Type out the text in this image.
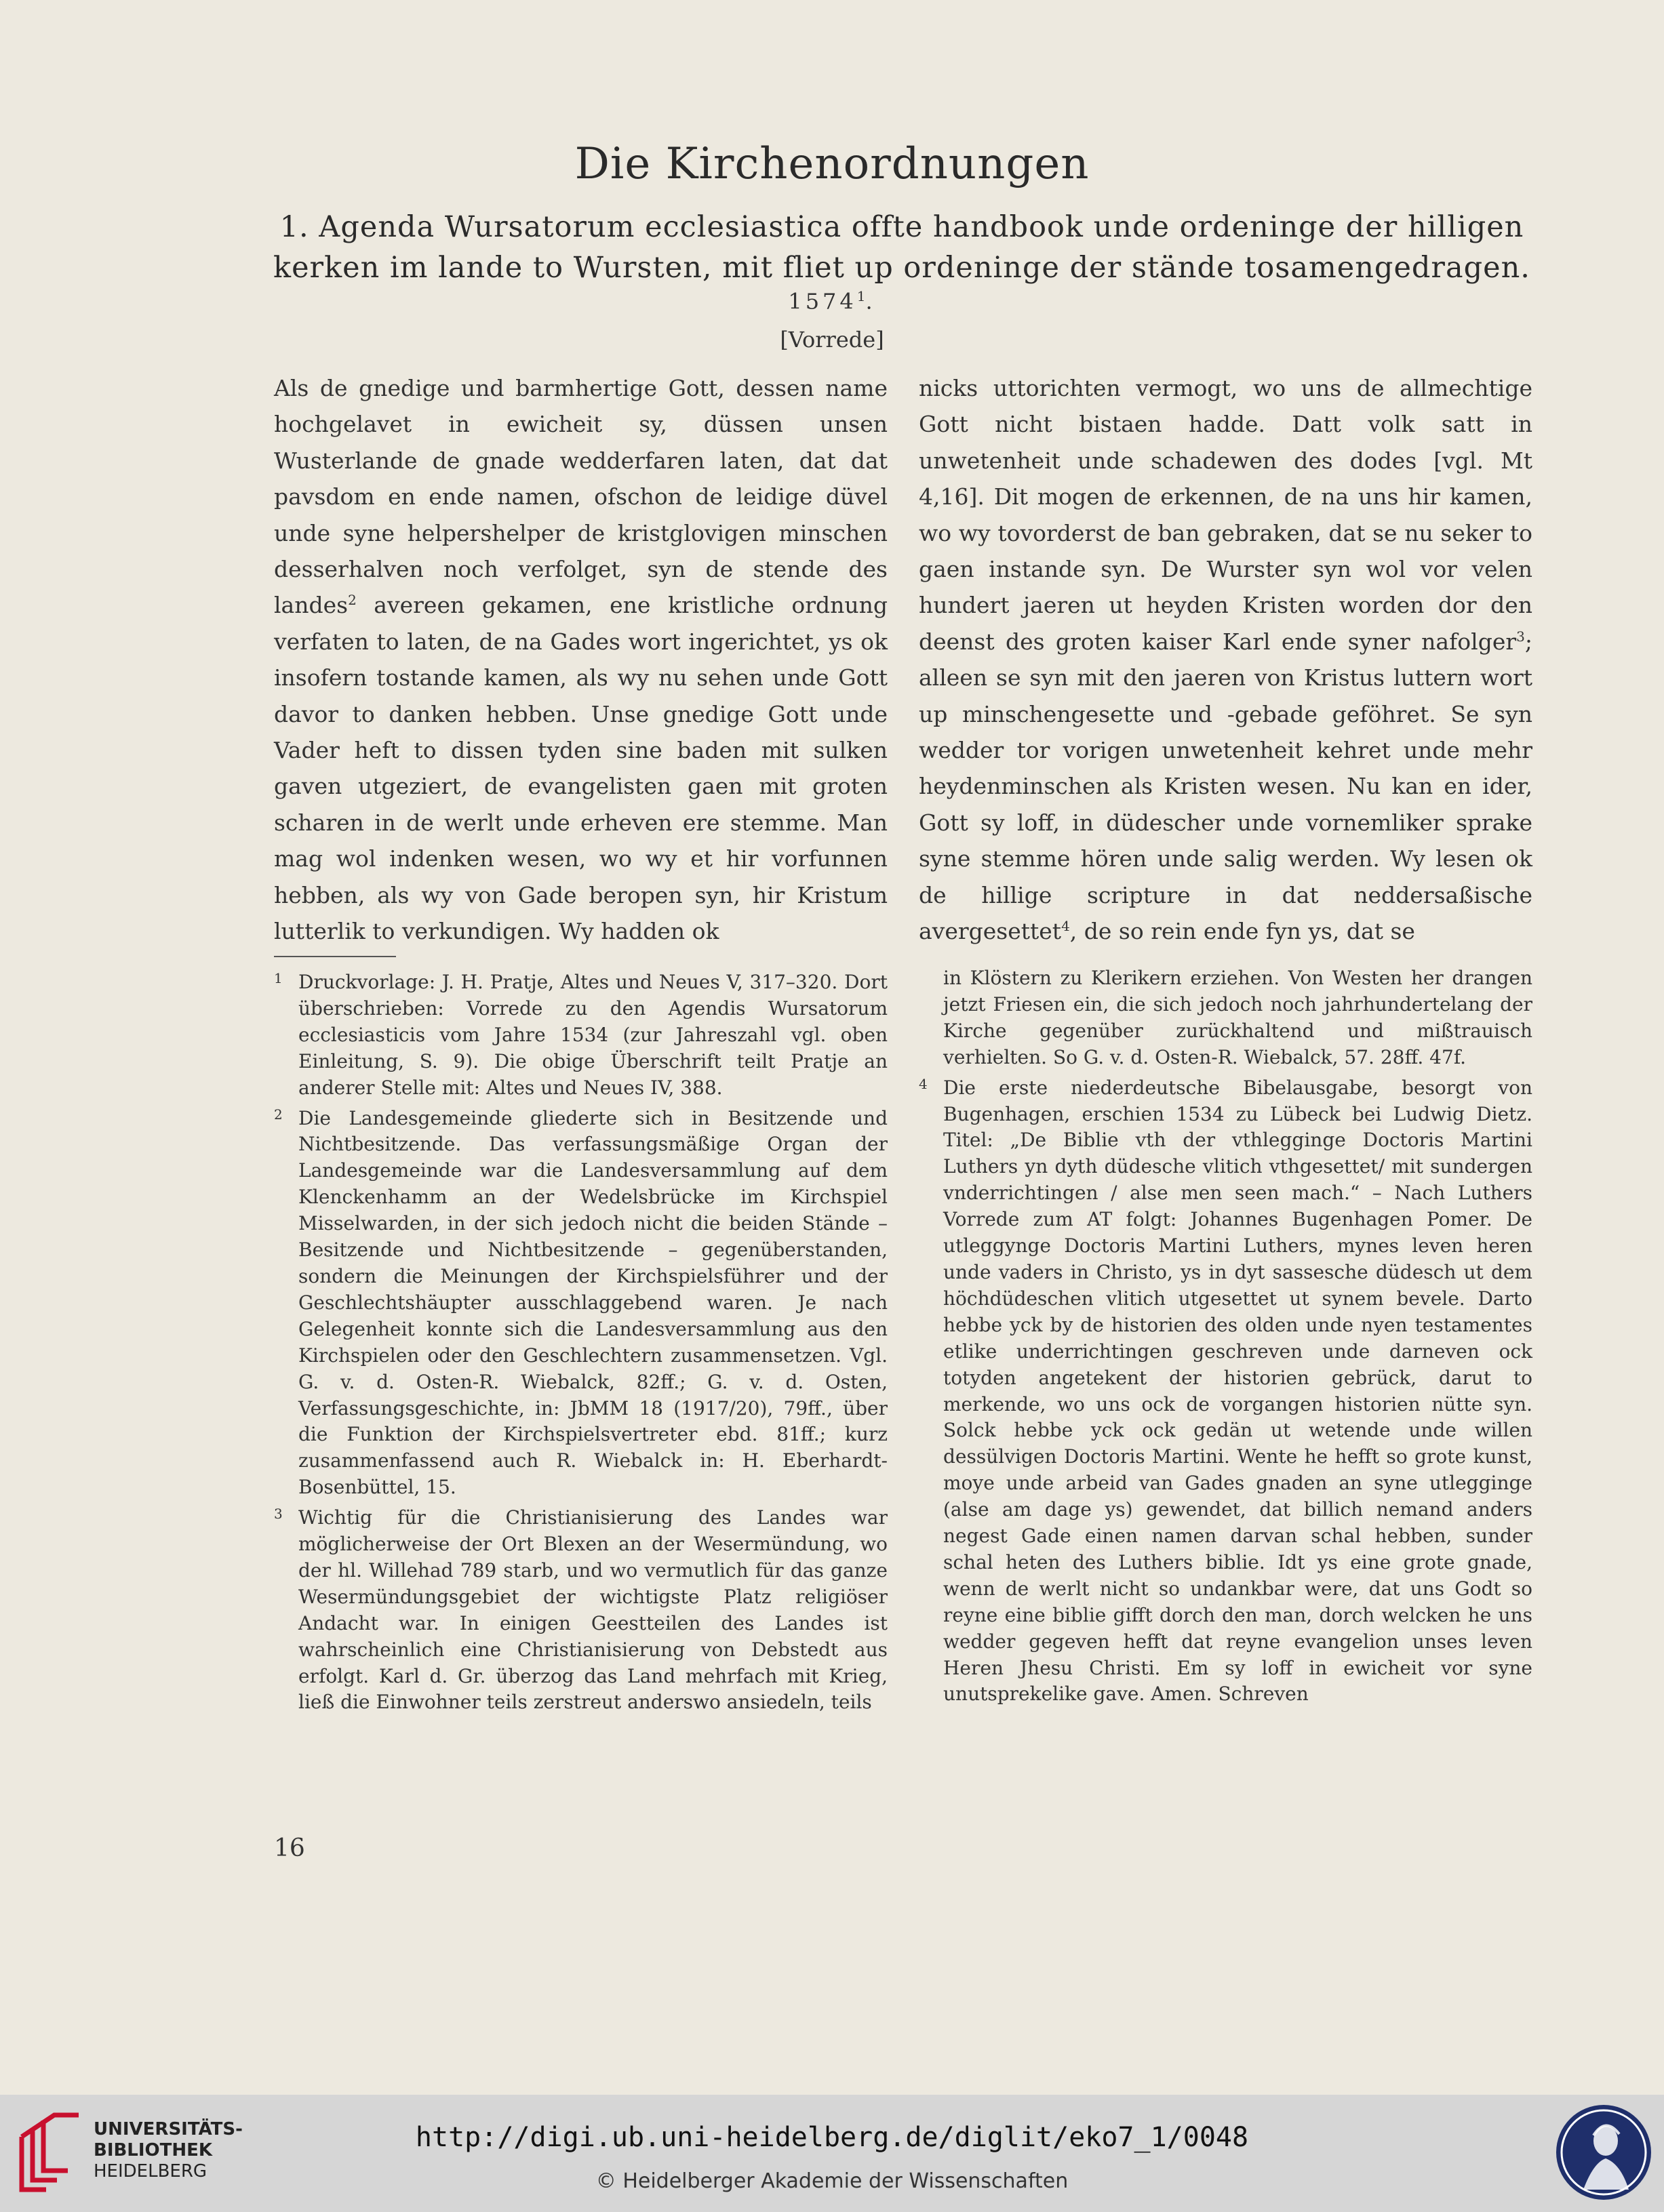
Die Kirchenordnungen
1. Agenda Wursatorum ecclesiastica offte handbook unde ordeninge der hilligen kerken im lande to Wursten, mit fliet up ordeninge der stände tosamengedragen.
1574$^1$.
[Vorrede]

Als de gnedige und barmhertige Gott, dessen name hochgelavet in ewicheit sy, düssen unsen Wusterlande de gnade wedderfaren laten, dat dat pavsdom en ende namen, ofschon de leidige düvel unde syne helpershelper de kristglovigen minschen desserhalven noch verfolget, syn de stende des landes$^2$ avereen gekamen, ene kristliche ordnung verfaten to laten, de na Gades wort ingerichtet, ys ok insofern tostande kamen, als wy nu sehen unde Gott davor to danken hebben. Unse gnedige Gott unde Vader heft to dissen tyden sine baden mit sulken gaven utgeziert, de evangelisten gaen mit groten scharen in de werlt unde erheven ere stemme. Man mag wol indenken wesen, wo wy et hir vorfunnen hebben, als wy von Gade beropen syn, hir Kristum lutterlik to verkundigen. Wy hadden ok

nicks uttorichten vermogt, wo uns de allmechtige Gott nicht bistaen hadde. Datt volk satt in unwetenheit unde schadewen des dodes [vgl. Mt 4,16]. Dit mogen de erkennen, de na uns hir kamen, wo wy tovorderst de ban gebraken, dat se nu seker to gaen instande syn. De Wurster syn wol vor velen hundert jaeren ut heyden Kristen worden dor den deenst des groten kaiser Karl ende syner nafolger$^3$; alleen se syn mit den jaeren von Kristus luttern wort up minschengesette und -gebade geföhret. Se syn wedder tor vorigen unwetenheit kehret unde mehr heydenminschen als Kristen wesen. Nu kan en ider, Gott sy loff, in düdescher unde vornemliker sprake syne stemme hören unde salig werden. Wy lesen ok de hillige scripture in dat neddersaßische avergesettet$^4$, de so rein ende fyn ys, dat se

1 Druckvorlage: J. H. Pratje, Altes und Neues V, 317–320. Dort überschrieben: Vorrede zu den Agendis Wursatorum ecclesiasticis vom Jahre 1534 (zur Jahreszahl vgl. oben Einleitung, S. 9). Die obige Überschrift teilt Pratje an anderer Stelle mit: Altes und Neues IV, 388.

2 Die Landesgemeinde gliederte sich in Besitzende und Nichtbesitzende. Das verfassungsmäßige Organ der Landesgemeinde war die Landesversammlung auf dem Klenckenhamm an der Wedelsbrücke im Kirchspiel Misselwarden, in der sich jedoch nicht die beiden Stände – Besitzende und Nichtbesitzende – gegenüberstanden, sondern die Meinungen der Kirchspielsführer und der Geschlechtshäupter ausschlaggebend waren. Je nach Gelegenheit konnte sich die Landesversammlung aus den Kirchspielen oder den Geschlechtern zusammensetzen. Vgl. G. v. d. Osten-R. Wiebalck, 82ff.; G. v. d. Osten, Verfassungsgeschichte, in: JbMM 18 (1917/20), 79ff., über die Funktion der Kirchspielsvertreter ebd. 81ff.; kurz zusammenfassend auch R. Wiebalck in: H. Eberhardt-Bosenbüttel, 15.

3 Wichtig für die Christianisierung des Landes war möglicherweise der Ort Blexen an der Wesermündung, wo der hl. Willehad 789 starb, und wo vermutlich für das ganze Wesermündungsgebiet der wichtigste Platz religiöser Andacht war. In einigen Geestteilen des Landes ist wahrscheinlich eine Christianisierung von Debstedt aus erfolgt. Karl d. Gr. überzog das Land mehrfach mit Krieg, ließ die Einwohner teils zerstreut anderswo ansiedeln, teils

in Klöstern zu Klerikern erziehen. Von Westen her drangen jetzt Friesen ein, die sich jedoch noch jahrhundertelang der Kirche gegenüber zurückhaltend und mißtrauisch verhielten. So G. v. d. Osten-R. Wiebalck, 57. 28ff. 47f.

4 Die erste niederdeutsche Bibelausgabe, besorgt von Bugenhagen, erschien 1534 zu Lübeck bei Ludwig Dietz. Titel: „De Biblie vth der vthlegginge Doctoris Martini Luthers yn dyth düdesche vlitich vthgesettet/ mit sundergen vnderrichtingen / alse men seen mach.“ – Nach Luthers Vorrede zum AT folgt: Johannes Bugenhagen Pomer. De utleggynge Doctoris Martini Luthers, mynes leven heren unde vaders in Christo, ys in dyt sassesche düdesch ut dem höchdüdeschen vlitich utgesettet ut synem bevele. Darto hebbe yck by de historien des olden unde nyen testamentes etlike underrichtingen geschreven unde darneven ock totyden angetekent der historien gebrück, darut to merkende, wo uns ock de vorgangen historien nütte syn. Solck hebbe yck ock gedän ut wetende unde willen dessülvigen Doctoris Martini. Wente he hefft so grote kunst, moye unde arbeid van Gades gnaden an syne utlegginge (alse am dage ys) gewendet, dat billich nemand anders negest Gade einen namen darvan schal hebben, sunder schal heten des Luthers biblie. Idt ys eine grote gnade, wenn de werlt nicht so undankbar were, dat uns Godt so reyne eine biblie gifft dorch den man, dorch welcken he uns wedder gegeven hefft dat reyne evangelion unses leven Heren Jhesu Christi. Em sy loff in ewicheit vor syne unutsprekelike gave. Amen. Schreven

16
UNIVERSITÄTS-
BIBLIOTHEK
HEIDELBERG
http://digi.ub.uni-heidelberg.de/diglit/eko7_1/0048
© Heidelberger Akademie der Wissenschaften
